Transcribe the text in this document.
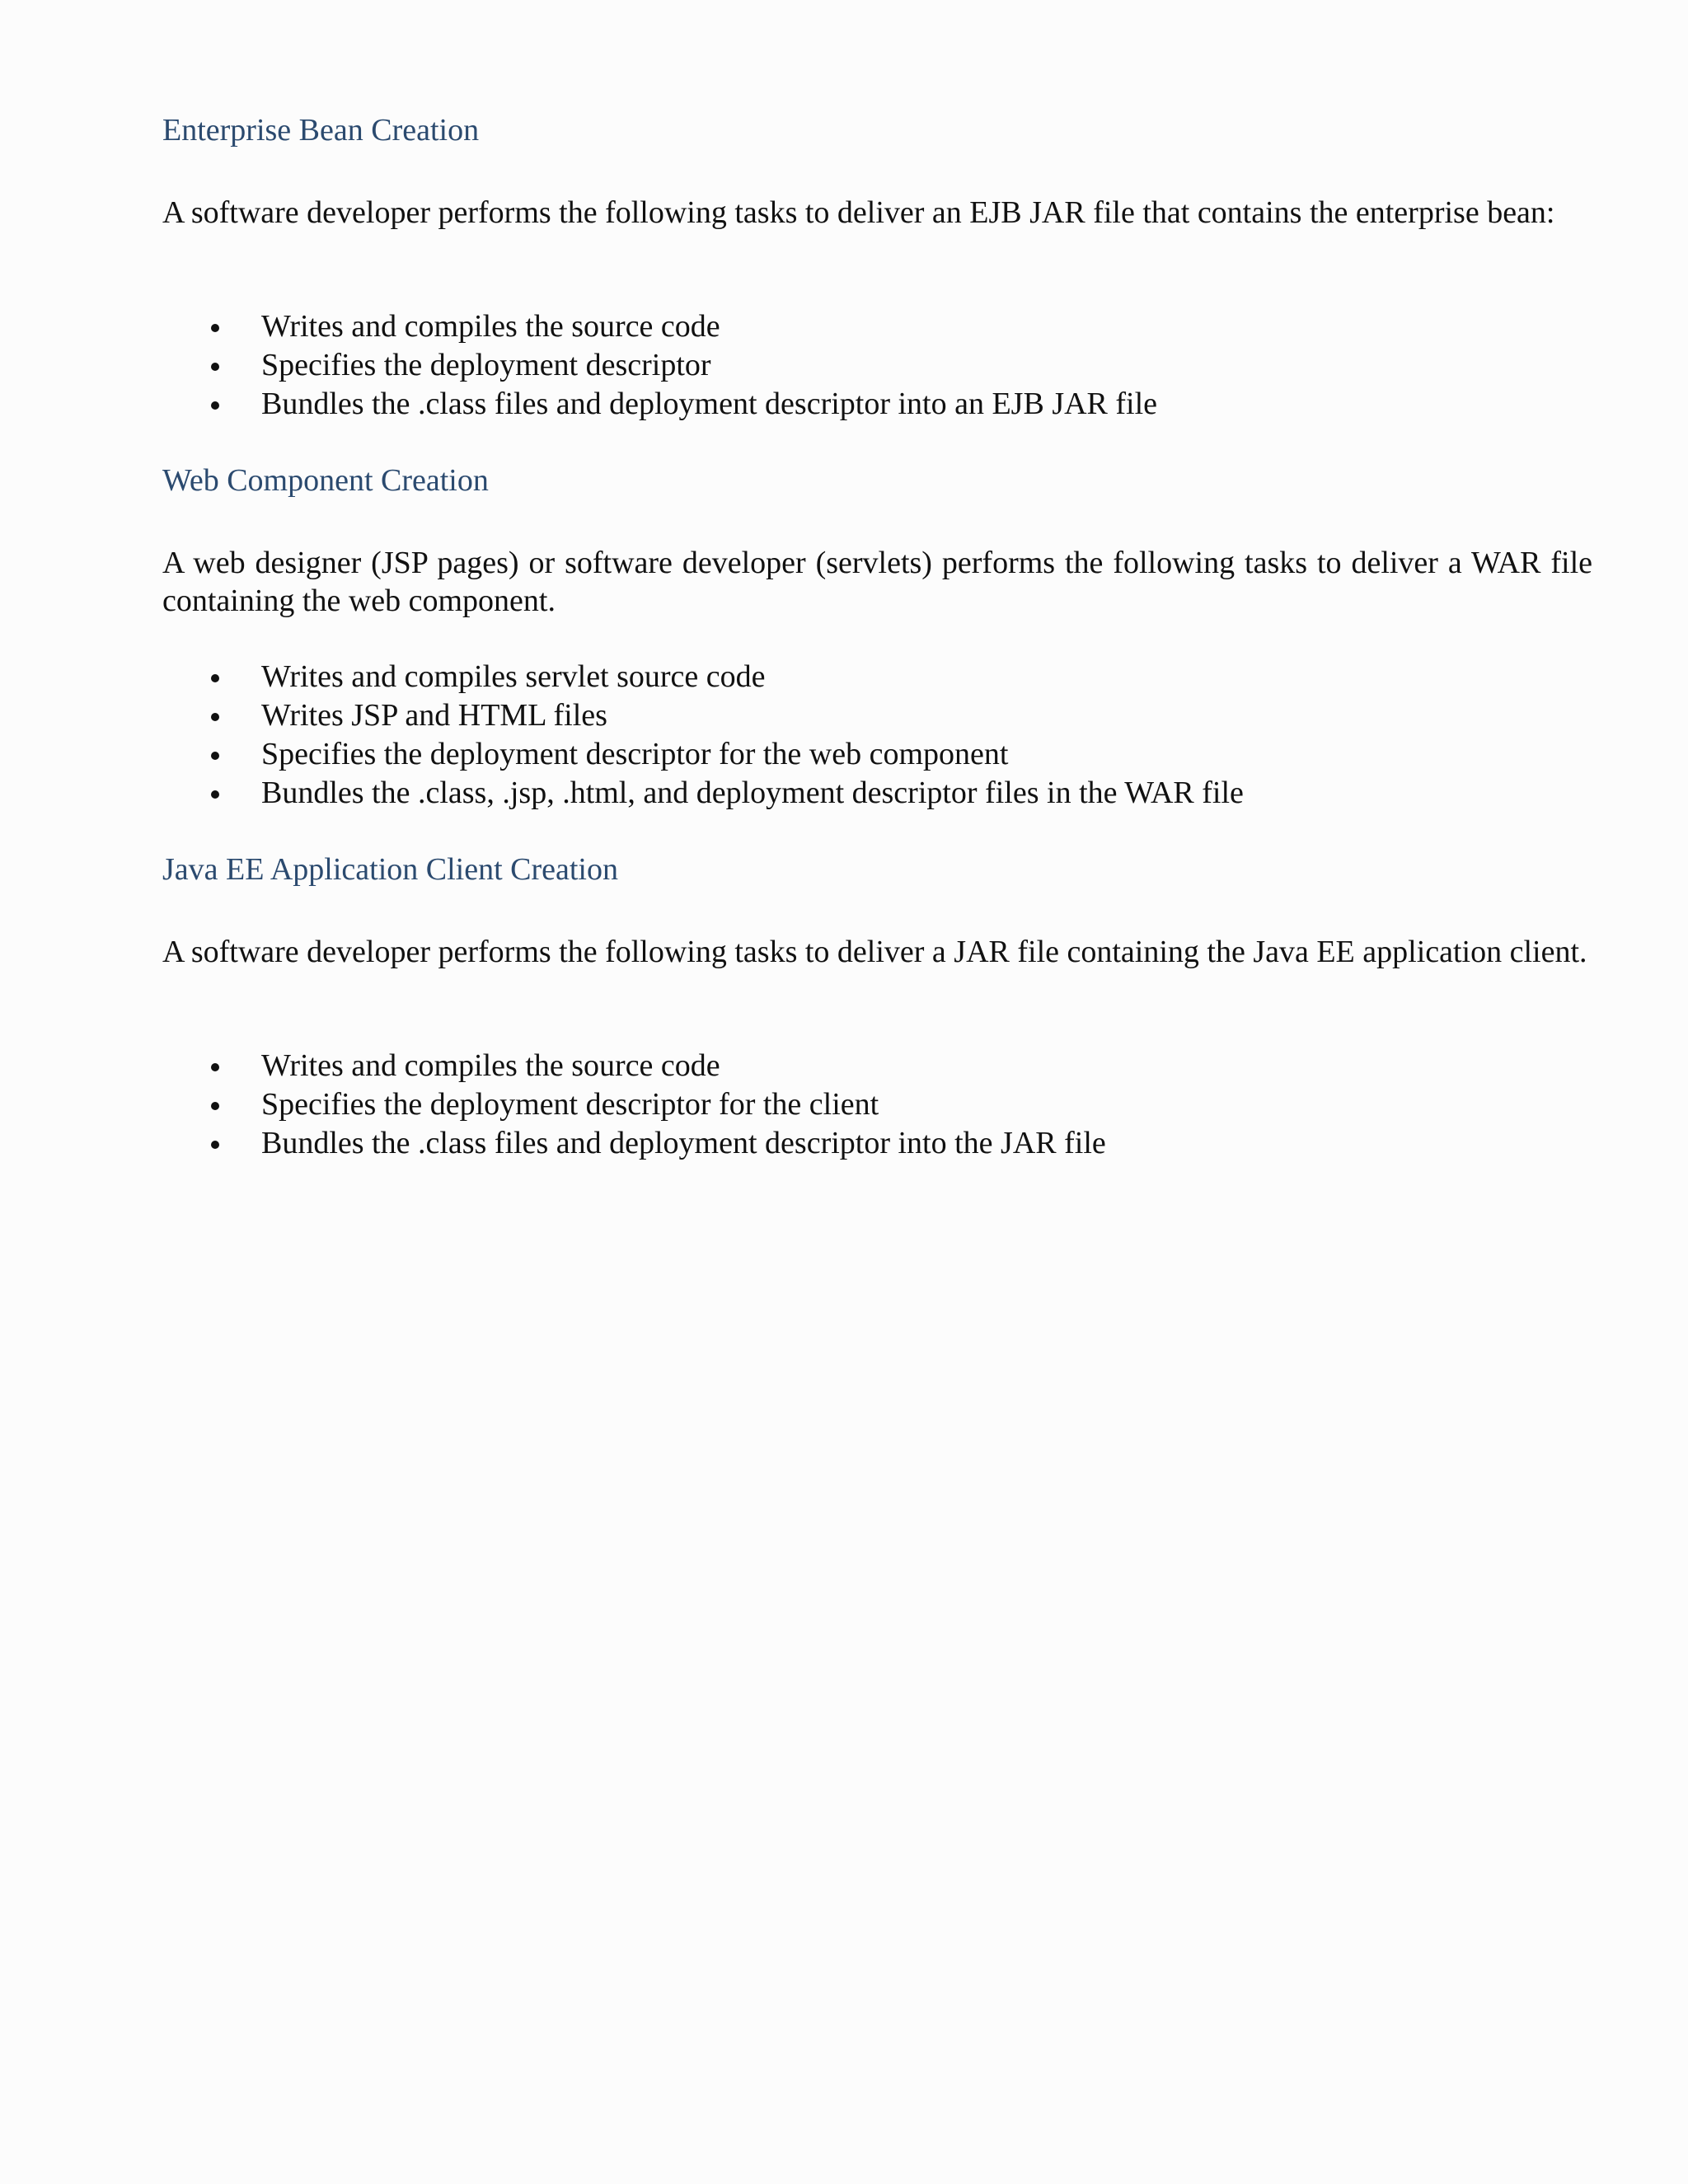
Enterprise Bean Creation

A software developer performs the following tasks to deliver an EJB JAR file that contains the enterprise bean:

Writes and compiles the source code
Specifies the deployment descriptor
Bundles the .class files and deployment descriptor into an EJB JAR file
Web Component Creation

A web designer (JSP pages) or software developer (servlets) performs the following tasks to deliver a WAR file containing the web component.

Writes and compiles servlet source code
Writes JSP and HTML files
Specifies the deployment descriptor for the web component
Bundles the .class, .jsp, .html, and deployment descriptor files in the WAR file
Java EE Application Client Creation

A software developer performs the following tasks to deliver a JAR file containing the Java EE application client.

Writes and compiles the source code
Specifies the deployment descriptor for the client
Bundles the .class files and deployment descriptor into the JAR file
